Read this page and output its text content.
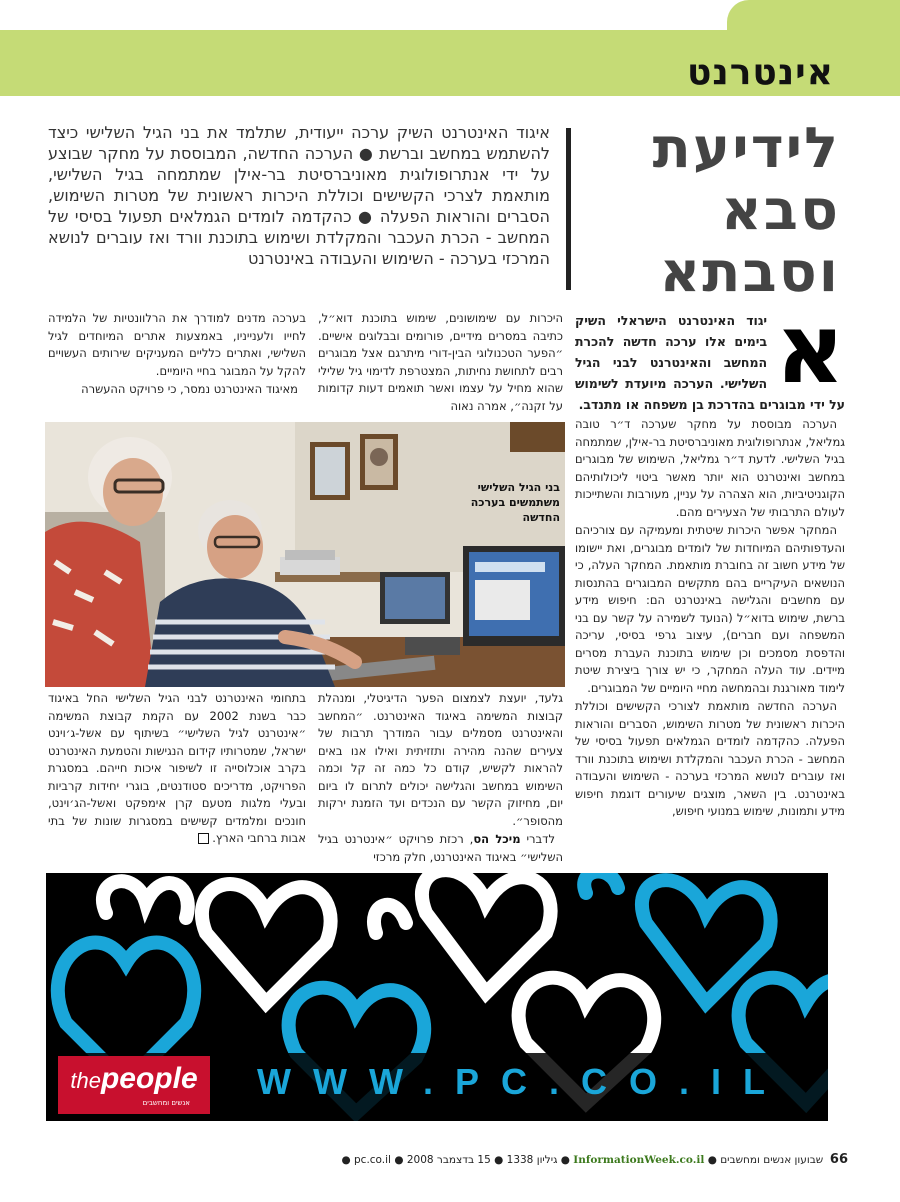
אינטרנט
לידיעת סבא וסבתא
איגוד האינטרנט השיק ערכה ייעודית, שתלמד את בני הגיל השלישי כיצד להשתמש במחשב וברשת ● הערכה החדשה, המבוססת על מחקר שבוצע על ידי אנתרופולוגית מאוניברסיטת בר-אילן שמתמחה בגיל השלישי, מותאמת לצרכי הקשישים וכוללת היכרות ראשונית של מטרות השימוש, הסברים והוראות הפעלה ● כהקדמה לומדים הגמלאים תפעול בסיסי של המחשב - הכרת העכבר והמקלדת ושימוש בתוכנת וורד ואז עוברים לנושא המרכזי בערכה - השימוש והעבודה באינטרנט

א
יגוד האינטרנט הישראלי השיק בימים אלו ערכה חדשה להכרת המחשב והאינטרנט לבני הגיל השלישי. הערכה מיועדת לשימוש על ידי מבוגרים בהדרכת בן משפחה או מתנדב.

הערכה מבוססת על מחקר שערכה ד״ר טובה גמליאל, אנתרופולוגית מאוניברסיטת בר-אילן, שמתמחה בגיל השלישי. לדעת ד״ר גמליאל, השימוש של מבוגרים במחשב ואינטרנט הוא יותר מאשר ביטוי ליכולותיהם הקוגניטיביות, הוא הצהרה על עניין, מעורבות והשתייכות לעולם התרבותי של הצעירים מהם.

המחקר אפשר היכרות שיטתית ומעמיקה עם צורכיהם והעדפותיהם המיוחדות של לומדים מבוגרים, ואת יישומו של מידע חשוב זה בחוברת מותאמת. המחקר העלה, כי הנושאים העיקריים בהם מתקשים המבוגרים בהתנסות עם מחשבים והגלישה באינטרנט הם: חיפוש מידע ברשת, שימוש בדוא״ל (הנועד לשמירה על קשר עם בני המשפחה ועם חברים), עיצוב גרפי בסיסי, עריכה והדפסת מסמכים וכן שימוש בתוכנת העברת מסרים מיידים. עוד העלה המחקר, כי יש צורך ביצירת שיטת לימוד מאורגנת ובהמחשה מחיי היומיים של המבוגרים.

הערכה החדשה מותאמת לצורכי הקשישים וכוללת היכרות ראשונית של מטרות השימוש, הסברים והוראות הפעלה. כהקדמה לומדים הגמלאים תפעול בסיסי של המחשב - הכרת העכבר והמקלדת ושימוש בתוכנת וורד ואז עוברים לנושא המרכזי בערכה - השימוש והעבודה באינטרנט. בין השאר, מוצגים שיעורים דוגמת חיפוש מידע ותמונות, שימוש במנועי חיפוש,

היכרות עם שימושונים, שימוש בתוכנת דוא״ל, כתיבה במסרים מידיים, פורומים ובבלוגים אישיים. ״הפער הטכנולוגי הבין-דורי מיתרגם אצל מבוגרים רבים לתחושת נחיתות, המצטרפת לדימוי גיל שלילי שהוא מחיל על עצמו ואשר תואמים דעות קדומות על זקנה״, אמרה נאוה

בערכה מדנים למודרך את הרלוונטיות של הלמידה לחייו ולענייניו, באמצעות אתרים המיוחדים לגיל השלישי, ואתרים כלליים המעניקים שירותים העשויים להקל על המבוגר בחיי היומיים.

מאיגוד האינטרנט נמסר, כי פרויקט ההעשרה

בני הגיל השלישי משתמשים בערכה החדשה

גלעד, יועצת לצמצום הפער הדיגיטלי, ומנהלת קבוצות המשימה באיגוד האינטרנט. ״המחשב והאינטרנט מסמלים עבור המודרך תרבות של צעירים שהנה מהירה ותזזיתית ואילו אנו באים להראות לקשיש, קודם כל כמה זה קל וכמה השימוש במחשב והגלישה יכולים לתרום לו ביום יום, מחיזוק הקשר עם הנכדים ועד הזמנת ירקות מהסופר״.

לדברי מיכל הס, רכזת פרויקט ״אינטרנט בגיל השלישי״ באיגוד האינטרנט, חלק מרכזי

בתחומי האינטרנט לבני הגיל השלישי החל באיגוד כבר בשנת 2002 עם הקמת קבוצת המשימה ״אינטרנט לגיל השלישי״ בשיתוף עם אשל-ג׳וינט ישראל, שמטרותיו קידום הנגישות והטמעת האינטרנט בקרב אוכלוסייה זו לשיפור איכות חייהם. במסגרת הפרויקט, מדריכים סטודנטים, בוגרי יחידות קרביות ובעלי מלגות מטעם קרן אימפקט ואשל-הג׳וינט, חונכים ומלמדים קשישים במסגרות שונות של בתי אבות ברחבי הארץ.

thepeople
אנשים ומחשבים
WWW.PC.CO.IL
66  שבועון אנשים ומחשבים ● InformationWeek.co.il ● גיליון 1338 ● 15 בדצמבר 2008 ● pc.co.il ●
